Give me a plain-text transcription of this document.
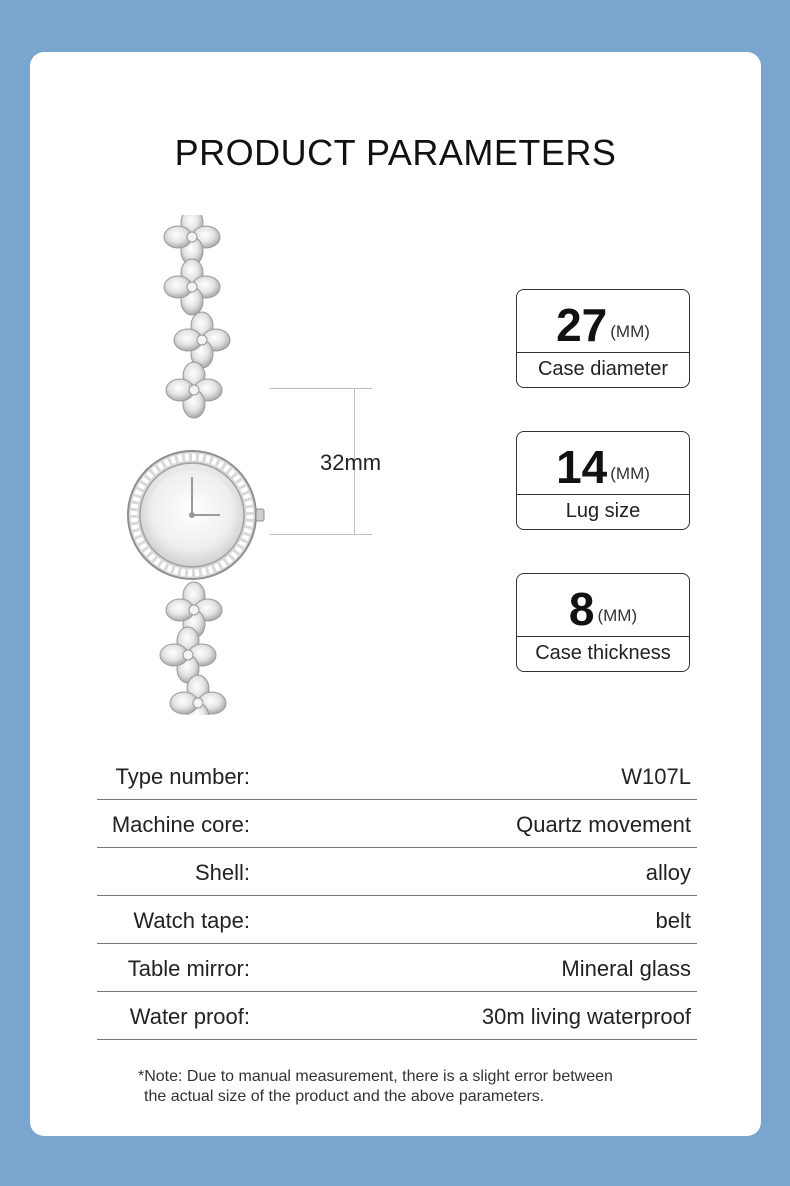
PRODUCT PARAMETERS
32mm
27 (MM)
Case diameter
14 (MM)
Lug size
8 (MM)
Case thickness
Type number:	W107L
Machine core:	Quartz movement
Shell:	alloy
Watch tape:	belt
Table mirror:	Mineral glass
Water proof:	30m living waterproof
*Note: Due to manual measurement, there is a slight error between
the actual size of the product and the above parameters.
